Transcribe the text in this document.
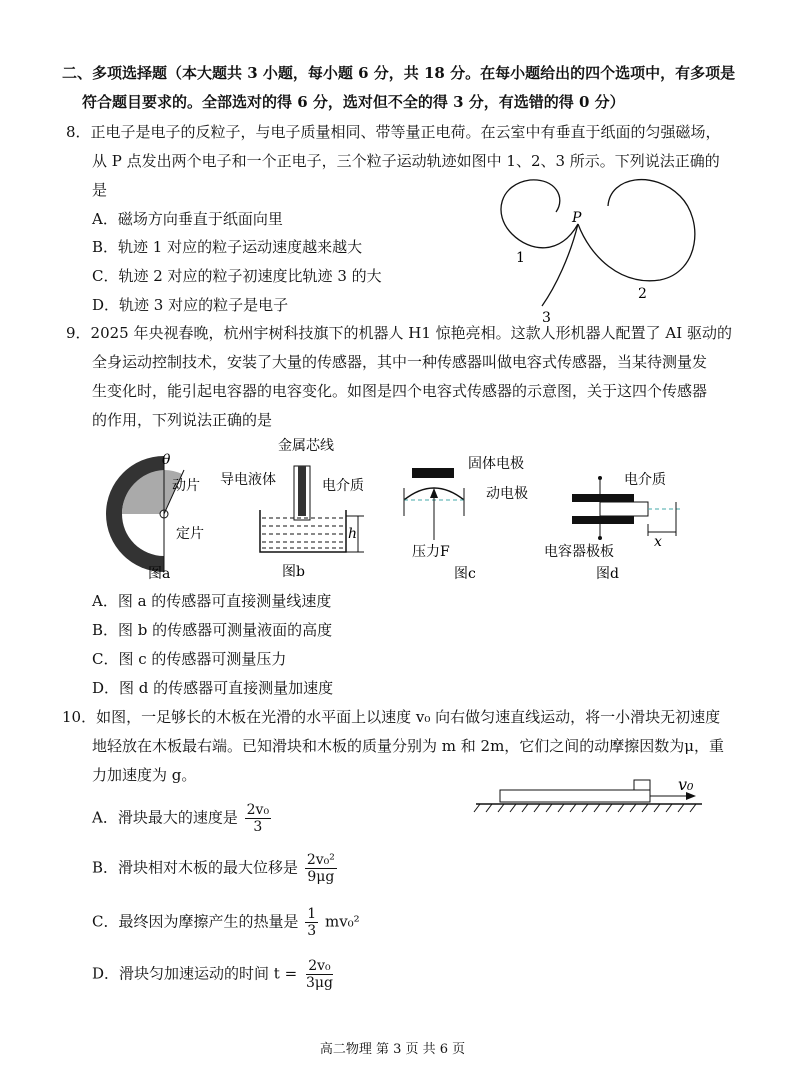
二、多项选择题（本大题共 3 小题，每小题 6 分，共 18 分。在每小题给出的四个选项中，有多项是
符合题目要求的。全部选对的得 6 分，选对但不全的得 3 分，有选错的得 0 分）
8．正电子是电子的反粒子，与电子质量相同、带等量正电荷。在云室中有垂直于纸面的匀强磁场，
从 P 点发出两个电子和一个正电子，三个粒子运动轨迹如图中 1、2、3 所示。下列说法正确的
是
A．磁场方向垂直于纸面向里
B．轨迹 1 对应的粒子运动速度越来越大
C．轨迹 2 对应的粒子初速度比轨迹 3 的大
D．轨迹 3 对应的粒子是电子
P
1
2
3
9．2025 年央视春晚，杭州宇树科技旗下的机器人 H1 惊艳亮相。这款人形机器人配置了 AI 驱动的
全身运动控制技术，安装了大量的传感器，其中一种传感器叫做电容式传感器，当某待测量发
生变化时，能引起电容器的电容变化。如图是四个电容式传感器的示意图，关于这四个传感器
的作用，下列说法正确的是
θ
动片
定片
图a
金属芯线
导电液体	电介质
h
图b
固体电极
动电极
压力F
图c
电介质
x
电容器极板
图d
A．图 a 的传感器可直接测量线速度
B．图 b 的传感器可测量液面的高度
C．图 c 的传感器可测量压力
D．图 d 的传感器可直接测量加速度
10．如图，一足够长的木板在光滑的水平面上以速度 v₀ 向右做匀速直线运动，将一小滑块无初速度
地轻放在木板最右端。已知滑块和木板的质量分别为 m 和 2m，它们之间的动摩擦因数为μ，重
力加速度为 g。	v₀
A．滑块最大的速度是 $\frac{\text{2v₀}}{3}$
B．滑块相对木板的最大位移是 $\frac{\text{2v₀²}}{9\mu g}$
C．最终因为摩擦产生的热量是 $\frac{1}{3} mv_0^2$
D．滑块匀加速运动的时间 $t = \frac{\text{2v₀}}{3\mu g}$
高二物理 第 3 页 共 6 页
